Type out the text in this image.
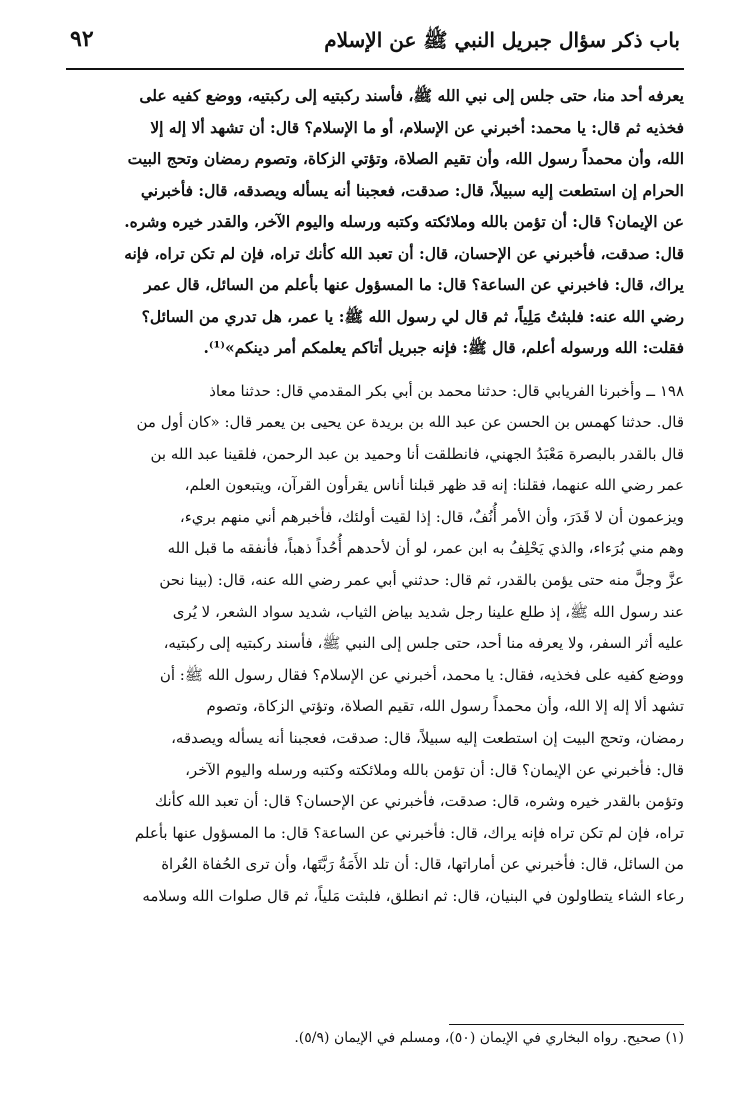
باب ذكر سؤال جبريل النبي ﷺ عن الإسلام
٩٢
يعرفه أحد منا، حتى جلس إلى نبي الله ﷺ، فأسند ركبتيه إلى ركبتيه، ووضع كفيه على
فخذيه ثم قال: يا محمد: أخبرني عن الإسلام، أو ما الإسلام؟ قال: أن تشهد ألا إله إلا
الله، وأن محمداً رسول الله، وأن تقيم الصلاة، وتؤتي الزكاة، وتصوم رمضان وتحج البيت
الحرام إن استطعت إليه سبيلاً، قال: صدقت، فعجبنا أنه يسأله ويصدقه، قال: فأخبرني
عن الإيمان؟ قال: أن تؤمن بالله وملائكته وكتبه ورسله واليوم الآخر، والقدر خيره وشره.
قال: صدقت، فأخبرني عن الإحسان، قال: أن تعبد الله كأنك تراه، فإن لم تكن تراه، فإنه
يراك، قال: فاخبرني عن الساعة؟ قال: ما المسؤول عنها بأعلم من السائل، قال عمر
رضي الله عنه: فلبثتُ مَلِياً، ثم قال لي رسول الله ﷺ: يا عمر، هل تدري من السائل؟
فقلت: الله ورسوله أعلم، قال ﷺ: فإنه جبريل أتاكم يعلمكم أمر دينكم»⁽¹⁾.
١٩٨ ــ وأخبرنا الفريابي قال: حدثنا محمد بن أبي بكر المقدمي قال: حدثنا معاذ
قال. حدثنا كهمس بن الحسن عن عبد الله بن بريدة عن يحيى بن يعمر قال: «كان أول من
قال بالقدر بالبصرة مَعْبَدُ الجهني، فانطلقت أنا وحميد بن عبد الرحمن، فلقينا عبد الله بن
عمر رضي الله عنهما، فقلنا: إنه قد ظهر قبلنا أناس يقرأون القرآن، ويتبعون العلم،
ويزعمون أن لا قَدَرَ، وأن الأمر أُنُفٌ، قال: إذا لقيت أولئك، فأخبرهم أني منهم بريء،
وهم مني بُرَءاء، والذي يَحْلِفُ به ابن عمر، لو أن لأحدهم أُحُداً ذهباً، فأنفقه ما قبل الله
عزَّ وجلَّ منه حتى يؤمن بالقدر، ثم قال: حدثني أبي عمر رضي الله عنه، قال: (بينا نحن
عند رسول الله ﷺ، إذ طلع علينا رجل شديد بياض الثياب، شديد سواد الشعر، لا يُرى
عليه أثر السفر، ولا يعرفه منا أحد، حتى جلس إلى النبي ﷺ، فأسند ركبتيه إلى ركبتيه،
ووضع كفيه على فخذيه، فقال: يا محمد، أخبرني عن الإسلام؟ فقال رسول الله ﷺ: أن
تشهد ألا إله إلا الله، وأن محمداً رسول الله، تقيم الصلاة، وتؤتي الزكاة، وتصوم
رمضان، وتحج البيت إن استطعت إليه سبيلاً، قال: صدقت، فعجبنا أنه يسأله ويصدقه،
قال: فأخبرني عن الإيمان؟ قال: أن تؤمن بالله وملائكته وكتبه ورسله واليوم الآخر،
وتؤمن بالقدر خيره وشره، قال: صدقت، فأخبرني عن الإحسان؟ قال: أن تعبد الله كأنك
تراه، فإن لم تكن تراه فإنه يراك، قال: فأخبرني عن الساعة؟ قال: ما المسؤول عنها بأعلم
من السائل، قال: فأخبرني عن أماراتها، قال: أن تلد الأَمَةُ رَبَّتَها، وأن ترى الحُفاة العُراة
رعاء الشاء يتطاولون في البنيان، قال: ثم انطلق، فلبثت مَلياً، ثم قال صلوات الله وسلامه
(١) صحيح. رواه البخاري في الإيمان (٥٠)، ومسلم في الإيمان (٥/٩).
